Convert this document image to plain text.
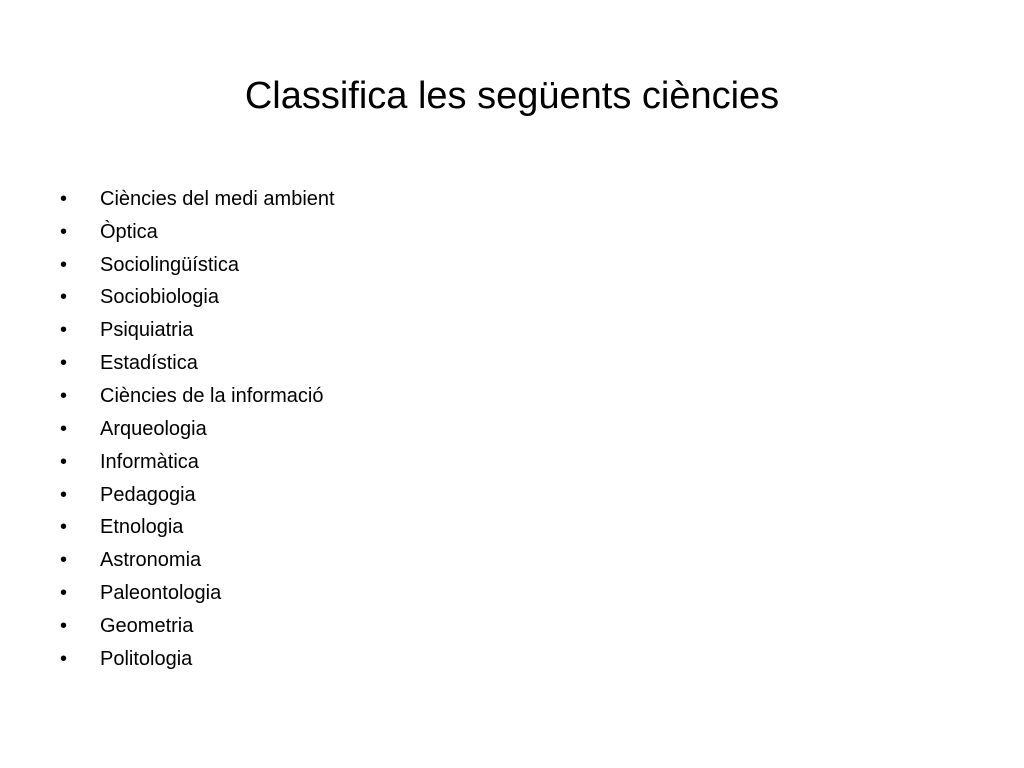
Classifica les següents ciències
•	Ciències del medi ambient
•	Òptica
•	Sociolingüística
•	Sociobiologia
•	Psiquiatria
•	Estadística
•	Ciències de la informació
•	Arqueologia
•	Informàtica
•	Pedagogia
•	Etnologia
•	Astronomia
•	Paleontologia
•	Geometria
•	Politologia
